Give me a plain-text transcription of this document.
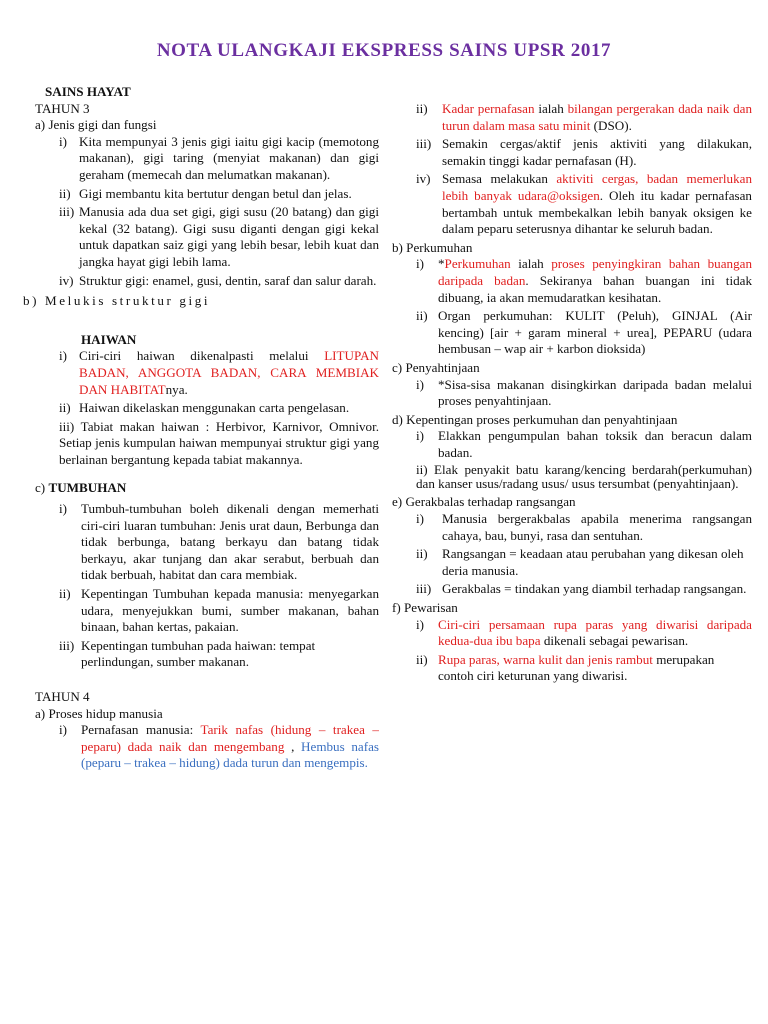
NOTA ULANGKAJI EKSPRESS SAINS UPSR 2017

SAINS HAYAT

TAHUN 3

a) Jenis gigi dan fungsi

i) Kita mempunyai 3 jenis gigi iaitu gigi kacip (memotong makanan), gigi taring (menyiat makanan) dan gigi geraham (memecah dan melumatkan makanan).
ii) Gigi membantu kita bertutur dengan betul dan jelas.
iii) Manusia ada dua set gigi, gigi susu (20 batang) dan gigi kekal (32 batang). Gigi susu diganti dengan gigi kekal untuk dapatkan saiz gigi yang lebih besar, lebih kuat dan jangka hayat gigi lebih lama.
iv) Struktur gigi: enamel, gusi, dentin, saraf dan salur darah.

b) Melukis struktur gigi

HAIWAN

i) Ciri-ciri haiwan dikenalpasti melalui LITUPAN BADAN, ANGGOTA BADAN, CARA MEMBIAK DAN HABITATnya.
ii) Haiwan dikelaskan menggunakan carta pengelasan.

iii) Tabiat makan haiwan : Herbivor, Karnivor, Omnivor. Setiap jenis kumpulan haiwan mempunyai struktur gigi yang berlainan bergantung kepada tabiat makannya.

c) TUMBUHAN

i)	Tumbuh-tumbuhan boleh dikenali dengan memerhati ciri-ciri luaran tumbuhan: Jenis urat daun, Berbunga dan tidak berbunga, batang berkayu dan batang tidak berkayu, akar tunjang dan akar serabut, berbuah dan tidak berbuah, habitat dan cara membiak.
ii) Kepentingan Tumbuhan kepada manusia: menyegarkan udara, menyejukkan bumi, sumber makanan, bahan binaan, bahan kertas, pakaian.
iii) Kepentingan tumbuhan pada haiwan: tempat perlindungan, sumber makanan.

TAHUN 4

a) Proses hidup manusia

i)	Pernafasan manusia: Tarik nafas (hidung – trakea – peparu) dada naik dan mengembang , Hembus nafas (peparu – trakea – hidung) dada turun dan mengempis.
ii)	Kadar pernafasan ialah bilangan pergerakan dada naik dan turun dalam masa satu minit (DSO).
iii) Semakin cergas/aktif jenis aktiviti yang dilakukan, semakin tinggi kadar pernafasan (H).
iv) Semasa melakukan aktiviti cergas, badan memerlukan lebih banyak udara@oksigen. Oleh itu kadar pernafasan bertambah untuk membekalkan lebih banyak oksigen ke dalam peparu seterusnya dihantar ke seluruh badan.

b) Perkumuhan

i)	*Perkumuhan ialah proses penyingkiran bahan buangan daripada badan. Sekiranya bahan buangan ini tidak dibuang, ia akan memudaratkan kesihatan.
ii) Organ perkumuhan: KULIT (Peluh), GINJAL (Air kencing) [air + garam mineral + urea], PEPARU (udara hembusan – wap air + karbon dioksida)

c) Penyahtinjaan

i)	*Sisa-sisa makanan disingkirkan daripada badan melalui proses penyahtinjaan.

d) Kepentingan proses perkumuhan dan penyahtinjaan

i)	Elakkan pengumpulan bahan toksik dan beracun dalam badan.

ii) Elak penyakit batu karang/kencing berdarah(perkumuhan) dan kanser usus/radang usus/ usus tersumbat (penyahtinjaan).

e) Gerakbalas terhadap rangsangan

i)	Manusia bergerakbalas apabila menerima rangsangan cahaya, bau, bunyi, rasa dan sentuhan.
ii)	Rangsangan = keadaan atau perubahan yang dikesan oleh deria manusia.
iii) Gerakbalas = tindakan yang diambil terhadap rangsangan.

f) Pewarisan

i)	Ciri-ciri persamaan rupa paras yang diwarisi daripada kedua-dua ibu bapa dikenali sebagai pewarisan.
ii) Rupa paras, warna kulit dan jenis rambut merupakan contoh ciri keturunan yang diwarisi.
